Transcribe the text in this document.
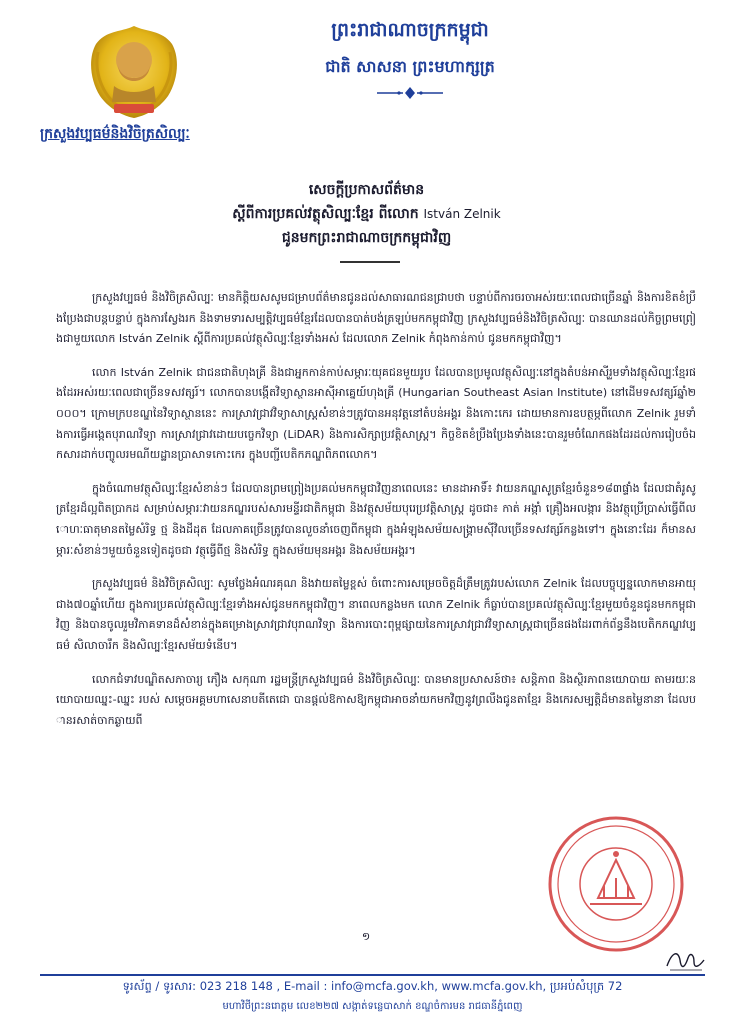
ក្រសួងវប្បធម៌និងវិចិត្រសិល្បៈ
ព្រះរាជាណាចក្រកម្ពុជា
ជាតិ សាសនា ព្រះមហាក្សត្រ
សេចក្តីប្រកាសព័ត៌មាន
ស្តីពីការប្រគល់វត្ថុសិល្បៈខ្មែរ ពីលោក István Zelnik
ជូនមកព្រះរាជាណាចក្រកម្ពុជាវិញ

ក្រសួងវប្បធម៌ និងវិចិត្រសិល្បៈ មានកិត្តិយសសូមជម្រាបព័ត៌មានជូនដល់សាធារណជនជ្រាបថា បន្ទាប់ពីការចរចាអស់រយៈពេលជាច្រើនឆ្នាំ និងការខិតខំប្រឹងប្រែងជាបន្តបន្ទាប់ ក្នុងការស្វែងរក និងទាមទារសម្បត្តិវប្បធម៌ខ្មែរដែលបានបាត់បង់ត្រឡប់មកកម្ពុជាវិញ ក្រសួងវប្បធម៌និងវិចិត្រសិល្បៈ បានឈានដល់កិច្ចព្រមព្រៀងជាមួយលោក István Zelnik ស្តីពីការប្រគល់វត្ថុសិល្បៈខ្មែរទាំងអស់ ដែលលោក Zelnik កំពុងកាន់កាប់ ជូនមកកម្ពុជាវិញ។

លោក István Zelnik ជាជនជាតិហុងគ្រី និងជាអ្នកកាន់កាប់សម្ភារៈយុគជនមួយរូប ដែលបានប្រមូលវត្ថុសិល្បៈនៅក្នុងតំបន់អាស៊ីរួមទាំងវត្ថុសិល្បៈខ្មែរផងដែរអស់រយៈពេលជាច្រើនទសវត្សរ៍។ លោកបានបង្កើតវិទ្យាស្ថានអាស៊ីអាគ្នេយ៍ហុងគ្រី (Hungarian Southeast Asian Institute) នៅដើមទសវត្សរ៍ឆ្នាំ២០០០។ ក្រោមក្របខណ្ឌនៃវិទ្យាស្ថាននេះ ការស្រាវជ្រាវវិទ្យាសាស្ត្រសំខាន់ៗត្រូវបានអនុវត្តនៅតំបន់អង្គរ និងកោះកេរ ដោយមានការឧបត្ថម្ភពីលោក Zelnik រួមទាំងការធ្វើអង្កេតបុរាណវិទ្យា ការស្រាវជ្រាវដោយបច្ចេកវិទ្យា (LiDAR) និងការសិក្សាប្រវត្តិសាស្ត្រ។ កិច្ចខិតខំប្រឹងប្រែងទាំងនេះបានរួមចំណែកផងដែរដល់ការរៀបចំឯកសារដាក់បញ្ចូលរមណីយដ្ឋានប្រាសាទកោះកេរ ក្នុងបញ្ជីបេតិកភណ្ឌពិភពលោក។

ក្នុងចំណោមវត្ថុសិល្បៈខ្មែរសំខាន់ៗ ដែលបានព្រមព្រៀងប្រគល់មកកម្ពុជាវិញនាពេលនេះ មានដាអាទិ៍៖ វាយនភណ្ឌសូត្រខ្មែរចំនួន១៨៣ផ្ទាំង ដែលជាតំរូសូត្រខ្មែរដ៏ល្អពិតប្រាកដ សម្រាប់សម្ភារៈវាយនភណ្ឌរបស់សារមន្ទីរជាតិកម្ពុជា និងវត្ថុសម័យបុរេប្រវត្តិសាស្ត្រ ដូចជា៖ កាត់ អង្កាំ គ្រឿងអលង្ការ និងវត្ថុប្រើប្រាស់ធ្វើពីលោហៈធាតុមានតម្លៃសំរិទ្ធ ថ្ម និងដីដុត ដែលភាគច្រើនត្រូវបានលួចនាំចេញពីកម្ពុជា ក្នុងអំឡុងសម័យសង្គ្រាមស៊ីវិលច្រើនទសវត្សរ៍កន្លងទៅ។ ក្នុងនោះដែរ ក៏មានសម្ភារៈសំខាន់ៗមួយចំនួនទៀតដូចជា វត្ថុធ្វើពីថ្ម និងសំរិទ្ធ ក្នុងសម័យមុនអង្គរ និងសម័យអង្គរ។

ក្រសួងវប្បធម៌ និងវិចិត្រសិល្បៈ សូមថ្លែងអំណរគុណ និងវាយតម្លៃខ្ពស់ ចំពោះការសម្រេចចិត្តដ៏ត្រឹមត្រូវរបស់លោក Zelnik ដែលបច្ចុប្បន្នលោកមានអាយុជាង៧០ឆ្នាំហើយ ក្នុងការប្រគល់វត្ថុសិល្បៈខ្មែរទាំងអស់ជូនមកកម្ពុជាវិញ។ នាពេលកន្លងមក លោក Zelnik ក៏ធ្លាប់បានប្រគល់វត្ថុសិល្បៈខ្មែរមួយចំនួនជូនមកកម្ពុជាវិញ និងបានចូលរួមវិភាគទានដ៏សំខាន់ក្នុងគម្រោងស្រាវជ្រាវបុរាណវិទ្យា និងការបោះពុម្ពផ្សាយនៃការស្រាវជ្រាវវិទ្យាសាស្ត្រជាច្រើនផងដែរពាក់ព័ន្ធនឹងបេតិកភណ្ឌវប្បធម៌ សិលាចារឹក និងសិល្បៈខ្មែរសម័យទំនើប។

លោកជំទាវបណ្ឌិតសភាចារ្យ ភឿង សកុណា រដ្ឋមន្ត្រីក្រសួងវប្បធម៌ និងវិចិត្រសិល្បៈ បានមានប្រសាសន៍ថា៖ សន្តិភាព និងស្ថិរភាពនយោបាយ តាមរយៈនយោបាយឈ្នះ-ឈ្នះ របស់ សម្តេចអគ្គមហាសេនាបតីតេជោ បានផ្តល់ឱកាសឱ្យកម្ពុជាអាចនាំយកមកវិញនូវព្រលឹងជូនតាខ្មែរ និងកេរសម្បត្តិដ៏មានតម្លៃនានា ដែលបានរសាត់ចាកឆ្ងាយពី

១
ទូរស័ព្ទ / ទូរសារ: 023 218 148 , E-mail : info@mcfa.gov.kh, www.mcfa.gov.kh, ប្រអប់សំបុត្រ 72
មហាវិថីព្រះនរោត្តម លេខ២២៧ សង្កាត់ទន្លេបាសាក់ ខណ្ឌចំការមន រាជធានីភ្នំពេញ
